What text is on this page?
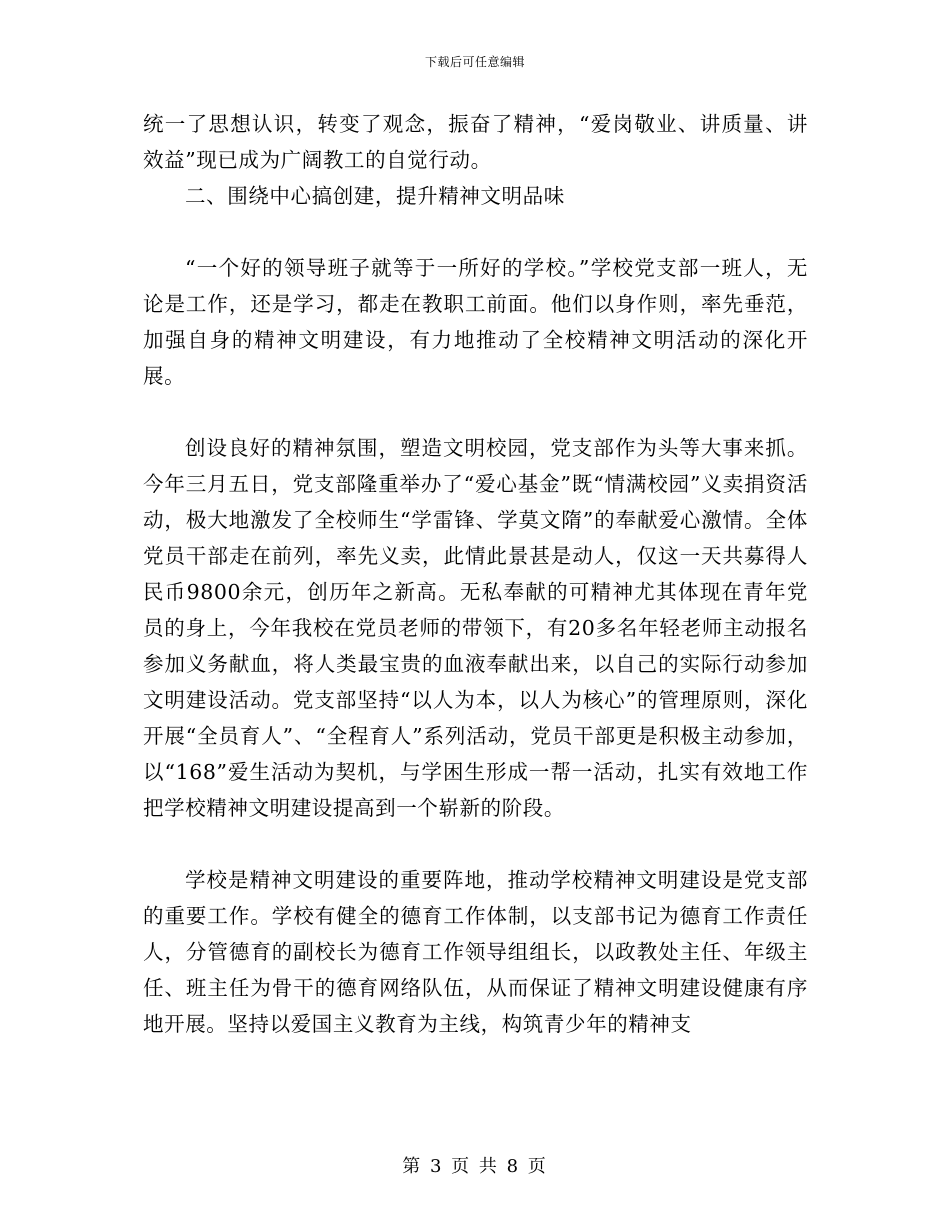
下载后可任意编辑

统一了思想认识，转变了观念，振奋了精神，“爱岗敬业、讲质量、讲效益”现已成为广阔教工的自觉行动。

二、围绕中心搞创建，提升精神文明品味

“一个好的领导班子就等于一所好的学校。”学校党支部一班人，无论是工作，还是学习，都走在教职工前面。他们以身作则，率先垂范，加强自身的精神文明建设，有力地推动了全校精神文明活动的深化开展。

创设良好的精神氛围，塑造文明校园，党支部作为头等大事来抓。今年三月五日，党支部隆重举办了“爱心基金”既“情满校园”义卖捐资活动，极大地激发了全校师生“学雷锋、学莫文隋”的奉献爱心激情。全体党员干部走在前列，率先义卖，此情此景甚是动人，仅这一天共募得人民币9800余元，创历年之新高。无私奉献的可精神尤其体现在青年党员的身上，今年我校在党员老师的带领下，有20多名年轻老师主动报名参加义务献血，将人类最宝贵的血液奉献出来，以自己的实际行动参加文明建设活动。党支部坚持“以人为本，以人为核心”的管理原则，深化开展“全员育人”、“全程育人”系列活动，党员干部更是积极主动参加，以“168”爱生活动为契机，与学困生形成一帮一活动，扎实有效地工作把学校精神文明建设提高到一个崭新的阶段。

学校是精神文明建设的重要阵地，推动学校精神文明建设是党支部的重要工作。学校有健全的德育工作体制，以支部书记为德育工作责任人，分管德育的副校长为德育工作领导组组长，以政教处主任、年级主任、班主任为骨干的德育网络队伍，从而保证了精神文明建设健康有序地开展。坚持以爱国主义教育为主线，构筑青少年的精神支

第 3 页 共 8 页
